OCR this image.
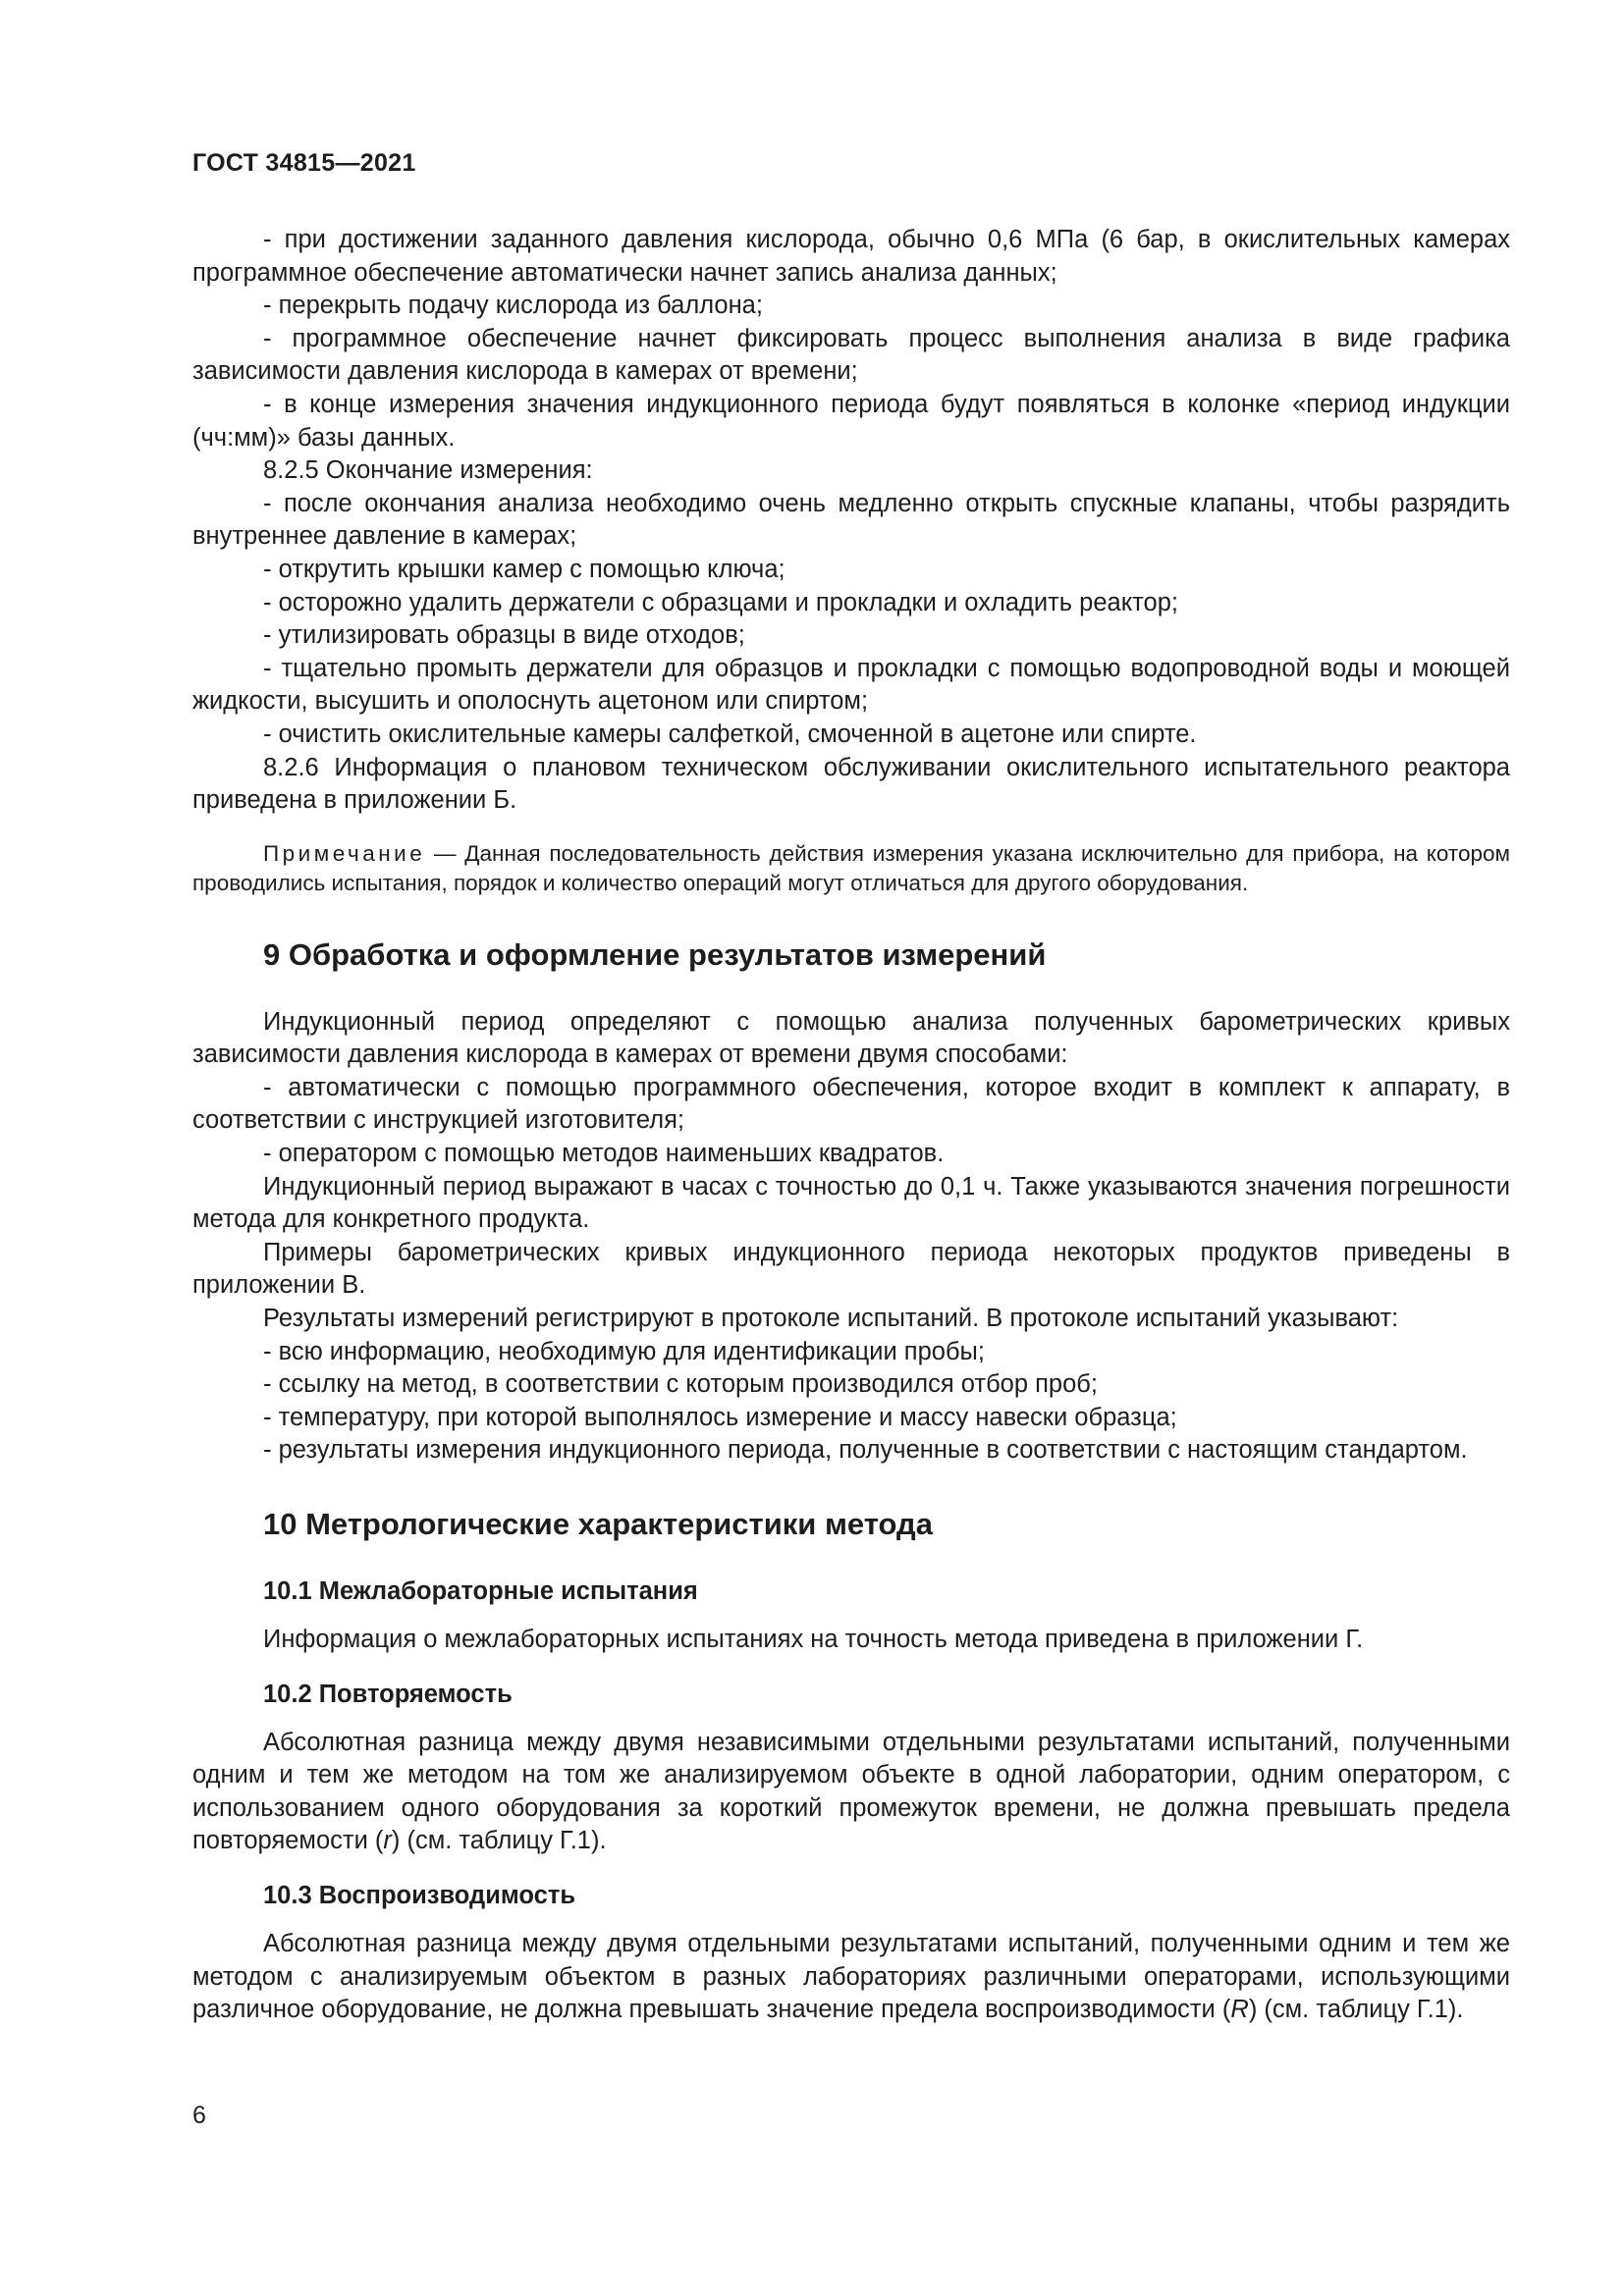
ГОСТ 34815—2021

- при достижении заданного давления кислорода, обычно 0,6 МПа (6 бар, в окислительных камерах программное обеспечение автоматически начнет запись анализа данных;

- перекрыть подачу кислорода из баллона;

- программное обеспечение начнет фиксировать процесс выполнения анализа в виде графика зависимости давления кислорода в камерах от времени;

- в конце измерения значения индукционного периода будут появляться в колонке «период индукции (чч:мм)» базы данных.

8.2.5 Окончание измерения:

- после окончания анализа необходимо очень медленно открыть спускные клапаны, чтобы разрядить внутреннее давление в камерах;

- открутить крышки камер с помощью ключа;

- осторожно удалить держатели с образцами и прокладки и охладить реактор;

- утилизировать образцы в виде отходов;

- тщательно промыть держатели для образцов и прокладки с помощью водопроводной воды и моющей жидкости, высушить и ополоснуть ацетоном или спиртом;

- очистить окислительные камеры салфеткой, смоченной в ацетоне или спирте.

8.2.6 Информация о плановом техническом обслуживании окислительного испытательного реактора приведена в приложении Б.

Примечание — Данная последовательность действия измерения указана исключительно для прибора, на котором проводились испытания, порядок и количество операций могут отличаться для другого оборудования.

9 Обработка и оформление результатов измерений

Индукционный период определяют с помощью анализа полученных барометрических кривых зависимости давления кислорода в камерах от времени двумя способами:

- автоматически с помощью программного обеспечения, которое входит в комплект к аппарату, в соответствии с инструкцией изготовителя;

- оператором с помощью методов наименьших квадратов.

Индукционный период выражают в часах с точностью до 0,1 ч. Также указываются значения погрешности метода для конкретного продукта.

Примеры барометрических кривых индукционного периода некоторых продуктов приведены в приложении В.

Результаты измерений регистрируют в протоколе испытаний. В протоколе испытаний указывают:

- всю информацию, необходимую для идентификации пробы;

- ссылку на метод, в соответствии с которым производился отбор проб;

- температуру, при которой выполнялось измерение и массу навески образца;

- результаты измерения индукционного периода, полученные в соответствии с настоящим стандартом.

10 Метрологические характеристики метода
10.1 Межлабораторные испытания

Информация о межлабораторных испытаниях на точность метода приведена в приложении Г.

10.2 Повторяемость

Абсолютная разница между двумя независимыми отдельными результатами испытаний, полученными одним и тем же методом на том же анализируемом объекте в одной лаборатории, одним оператором, с использованием одного оборудования за короткий промежуток времени, не должна превышать предела повторяемости (r) (см. таблицу Г.1).

10.3 Воспроизводимость

Абсолютная разница между двумя отдельными результатами испытаний, полученными одним и тем же методом с анализируемым объектом в разных лабораториях различными операторами, использующими различное оборудование, не должна превышать значение предела воспроизводимости (R) (см. таблицу Г.1).

6
